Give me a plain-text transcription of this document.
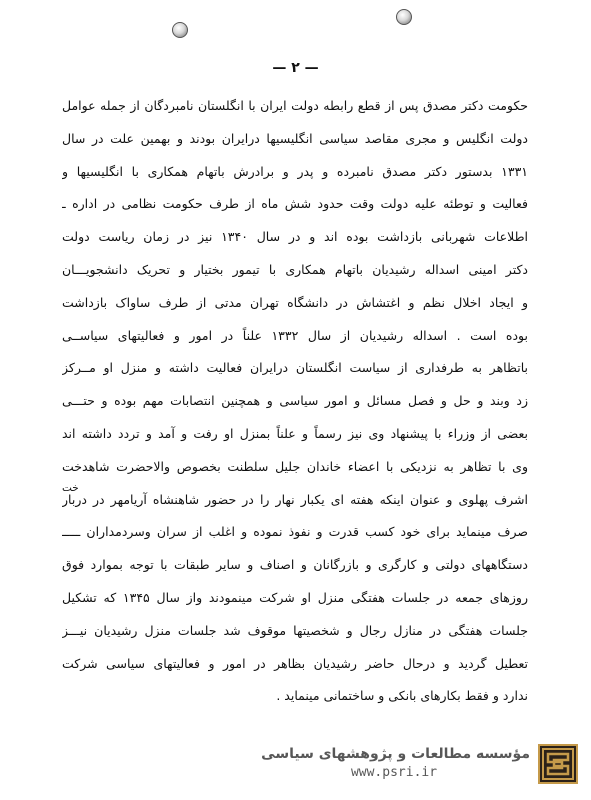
— ۲ —
حکومت دکتر مصدق پس از قطع رابطه دولت ایران با انگلستان نامبردگان از جمله عوامل
دولت انگلیس و مجری مقاصد سیاسی انگلیسیها درایران بودند و بهمین علت در سال
۱۳۳۱ بدستور دکتر مصدق نامبرده و پدر و برادرش باتهام همکاری با انگلیسیها و
فعالیت و توطئه علیه دولت وقت حدود شش ماه از طرف حکومت نظامی در اداره ـ
اطلاعات شهربانی بازداشت بوده اند و در سال ۱۳۴۰ نیز در زمان ریاست دولت
دکتر امینی اسداله رشیدیان باتهام همکاری با تیمور بختیار و تحریک دانشجویـــان
و ایجاد اخلال نظم و اغتشاش در دانشگاه تهران مدتی از طرف ساواک بازداشت
بوده است . اسداله رشیدیان از سال ۱۳۳۲ علناً در امور و فعالیتهای سیاســی
باتظاهر به طرفداری از سیاست انگلستان درایران فعالیت داشته و منزل او مــرکز
زد وبند و حل و فصل مسائل و امور سیاسی و همچنین انتصابات مهم بوده و حتـــی
بعضی از وزراء با پیشنهاد وی نیز رسماً و علناً بمنزل او رفت و آمد و تردد داشته اند
وی با تظاهر به نزدیکی با اعضاء خاندان جلیل سلطنت بخصوص والاحضرت شاهدخت
اشرف پهلوی و عنوان اینکه هفته ای یکبار نهار را در حضور شاهنشاه آریامهر در دربار
صرف مینماید برای خود کسب قدرت و نفوذ نموده و اغلب از سران وسردمداران ـــــ
دستگاههای دولتی و کارگری و بازرگانان و اصناف و سایر طبقات با توجه بموارد فوق
روزهای جمعه در جلسات هفتگی منزل او شرکت مینمودند واز سال ۱۳۴۵ که تشکیل
جلسات هفتگی در منازل رجال و شخصیتها موقوف شد جلسات منزل رشیدیان نیـــز
تعطیل گردید و درحال حاضر رشیدیان بظاهر در امور و فعالیتهای سیاسی شرکت
ندارد و فقط بکارهای بانکی و ساختمانی مینماید .
خت
مؤسسه مطالعات و پژوهشهای سیاسی
www.psri.ir
